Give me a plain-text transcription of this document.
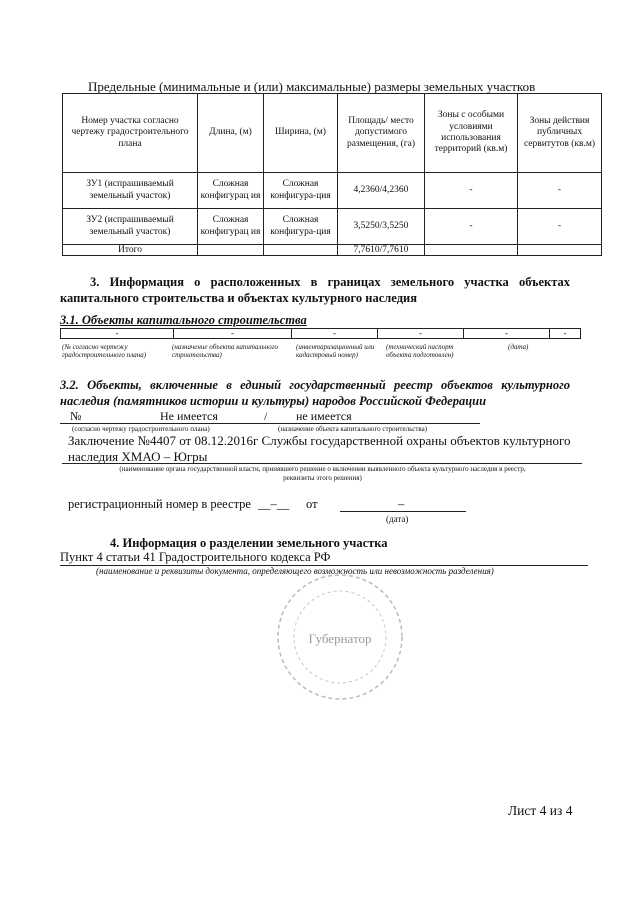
Предельные (минимальные и (или) максимальные) размеры земельных участков
Номер участка согласно чертежу градостроительного плана	Длина, (м)	Ширина, (м)	Площадь/ место допустимого размещения, (га)	Зоны с особыми условиями использования территорий (кв.м)	Зоны действия публичных сервитутов (кв.м)
ЗУ1 (испрашиваемый земельный участок)	Сложная конфигурац ия	Сложная конфигура-ция	4,2360/4,2360	-	-
ЗУ2 (испрашиваемый земельный участок)	Сложная конфигурац ия	Сложная конфигура-ция	3,5250/3,5250	-	-
Итого			7,7610/7,7610		
3. Информация о расположенных в границах земельного участка объектах
капитального строительства и объектах культурного наследия
3.1. Объекты капитального строительства
-	-	-	-	-	-
(№ согласно чертежу градостроительного плана)
(назначение объекта капитального строительства)
(инвентаризационный или кадастровый номер)
(технический паспорт объекта подготовлен)
(дата)
3.2. Объекты, включенные в единый государственный реестр объектов культурного
наследия (памятников истории и культуры) народов Российской Федерации
№	Не имеется	/ не имеется
(согласно чертежу градостроительного плана)	(назначение объекта капитального строительства)
Заключение №4407 от 08.12.2016г Службы государственной охраны объектов культурного
наследия ХМАО – Югры
(наименование органа государственной власти, принявшего решение о включении выявленного объекта культурного наследия в реестр,
реквизиты этого решения)
регистрационный номер в реестре __–__ от	–
(дата)
4. Информация о разделении земельного участка
Пункт 4 статьи 41 Градостроительного кодекса РФ
(наименование и реквизиты документа, определяющего возможность или невозможность разделения)
Губернатор
Лист 4 из 4
